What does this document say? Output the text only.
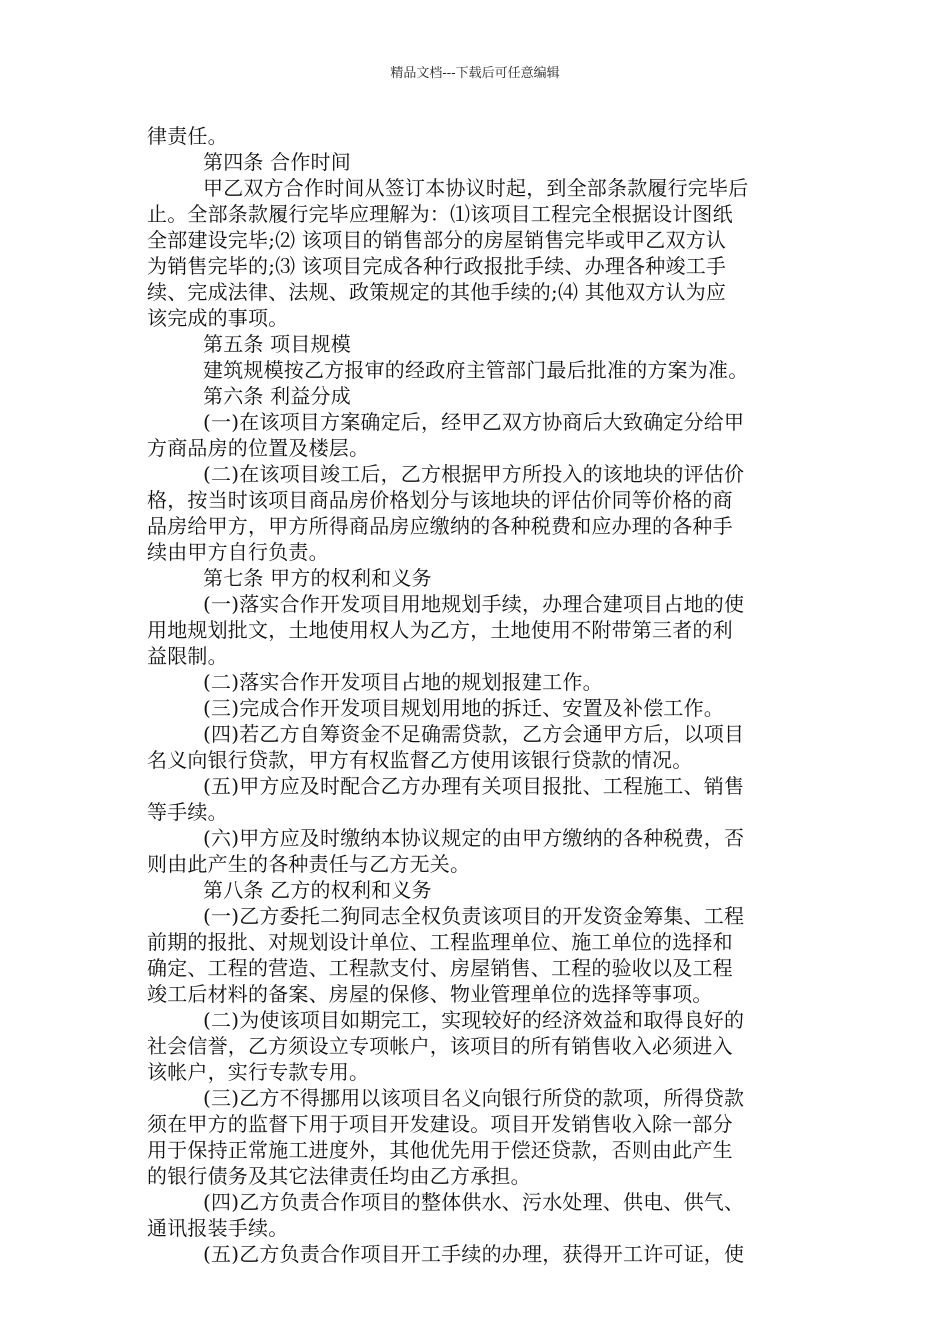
精品文档---下载后可任意编辑
律责任。
第四条 合作时间
甲乙双方合作时间从签订本协议时起，到全部条款履行完毕后
止。全部条款履行完毕应理解为：⑴该项目工程完全根据设计图纸
全部建设完毕;⑵ 该项目的销售部分的房屋销售完毕或甲乙双方认
为销售完毕的;⑶ 该项目完成各种行政报批手续、办理各种竣工手
续、完成法律、法规、政策规定的其他手续的;⑷ 其他双方认为应
该完成的事项。
第五条 项目规模
建筑规模按乙方报审的经政府主管部门最后批准的方案为准。
第六条 利益分成
(一)在该项目方案确定后，经甲乙双方协商后大致确定分给甲
方商品房的位置及楼层。
(二)在该项目竣工后，乙方根据甲方所投入的该地块的评估价
格，按当时该项目商品房价格划分与该地块的评估价同等价格的商
品房给甲方，甲方所得商品房应缴纳的各种税费和应办理的各种手
续由甲方自行负责。
第七条 甲方的权利和义务
(一)落实合作开发项目用地规划手续，办理合建项目占地的使
用地规划批文，土地使用权人为乙方，土地使用不附带第三者的利
益限制。
(二)落实合作开发项目占地的规划报建工作。
(三)完成合作开发项目规划用地的拆迁、安置及补偿工作。
(四)若乙方自筹资金不足确需贷款，乙方会通甲方后，以项目
名义向银行贷款，甲方有权监督乙方使用该银行贷款的情况。
(五)甲方应及时配合乙方办理有关项目报批、工程施工、销售
等手续。
(六)甲方应及时缴纳本协议规定的由甲方缴纳的各种税费，否
则由此产生的各种责任与乙方无关。
第八条 乙方的权利和义务
(一)乙方委托二狗同志全权负责该项目的开发资金筹集、工程
前期的报批、对规划设计单位、工程监理单位、施工单位的选择和
确定、工程的营造、工程款支付、房屋销售、工程的验收以及工程
竣工后材料的备案、房屋的保修、物业管理单位的选择等事项。
(二)为使该项目如期完工，实现较好的经济效益和取得良好的
社会信誉，乙方须设立专项帐户，该项目的所有销售收入必须进入
该帐户，实行专款专用。
(三)乙方不得挪用以该项目名义向银行所贷的款项，所得贷款
须在甲方的监督下用于项目开发建设。项目开发销售收入除一部分
用于保持正常施工进度外，其他优先用于偿还贷款，否则由此产生
的银行债务及其它法律责任均由乙方承担。
(四)乙方负责合作项目的整体供水、污水处理、供电、供气、
通讯报装手续。
(五)乙方负责合作项目开工手续的办理，获得开工许可证，使
